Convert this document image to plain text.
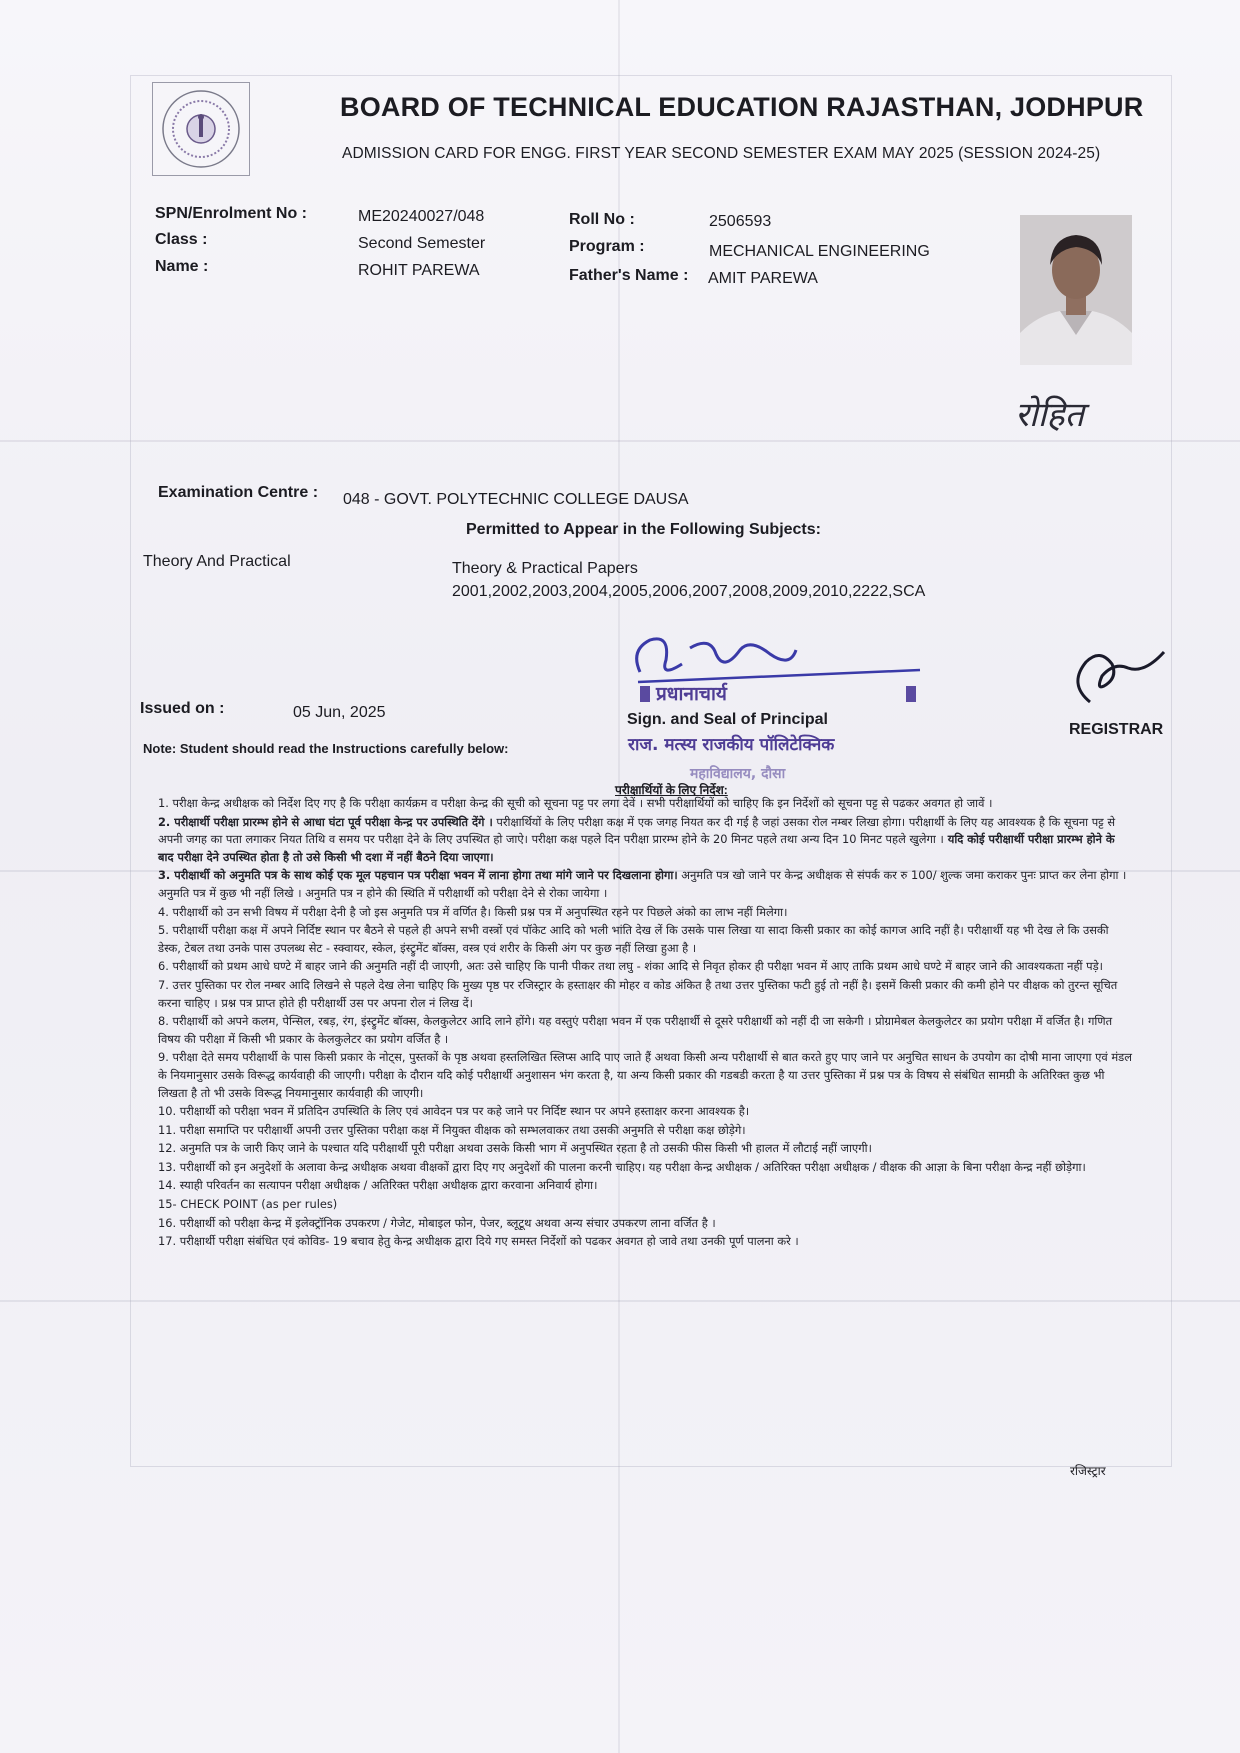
BOARD OF TECHNICAL EDUCATION RAJASTHAN, JODHPUR
ADMISSION CARD FOR ENGG. FIRST YEAR SECOND SEMESTER EXAM MAY 2025 (SESSION 2024-25)
SPN/Enrolment No :	ME20240027/048
Class :	Second Semester
Name :	ROHIT PAREWA
Roll No :	2506593
Program :	MECHANICAL ENGINEERING
Father's Name : AMIT PAREWA
रोहित
Examination Centre : 048 - GOVT. POLYTECHNIC COLLEGE DAUSA
Permitted to Appear in the Following Subjects:
Theory And Practical	Theory & Practical Papers
2001,2002,2003,2004,2005,2006,2007,2008,2009,2010,2222,SCA
Issued on :	05 Jun, 2025
प्रधानाचार्य
राज. मत्स्य राजकीय पॉलिटेक्निक
महाविद्यालय, दौसा
Sign. and Seal of Principal
REGISTRAR
Note: Student should read the Instructions carefully below:
परीक्षार्थियों के लिए निर्देश:

1. परीक्षा केन्द्र अधीक्षक को निर्देश दिए गए है कि परीक्षा कार्यक्रम व परीक्षा केन्द्र की सूची को सूचना पट्ट पर लगा देवें । सभी परीक्षार्थियों को चाहिए कि इन निर्देशों को सूचना पट्ट से पढकर अवगत हो जावें ।

2. परीक्षार्थी परीक्षा प्रारम्भ होने से आधा घंटा पूर्व परीक्षा केन्द्र पर उपस्थिति देंगे । परीक्षार्थियों के लिए परीक्षा कक्ष में एक जगह नियत कर दी गई है जहां उसका रोल नम्बर लिखा होगा। परीक्षार्थी के लिए यह आवश्यक है कि सूचना पट्ट से अपनी जगह का पता लगाकर नियत तिथि व समय पर परीक्षा देने के लिए उपस्थित हो जाऐ। परीक्षा कक्ष पहले दिन परीक्षा प्रारम्भ होने के 20 मिनट पहले तथा अन्य दिन 10 मिनट पहले खुलेगा । यदि कोई परीक्षार्थी परीक्षा प्रारम्भ होने के बाद परीक्षा देने उपस्थित होता है तो उसे किसी भी दशा में नहीं बैठने दिया जाएगा।

3. परीक्षार्थी को अनुमति पत्र के साथ कोई एक मूल पहचान पत्र परीक्षा भवन में लाना होगा तथा मांगे जाने पर दिखलाना होगा। अनुमति पत्र खो जाने पर केन्द्र अधीक्षक से संपर्क कर रु 100/ शुल्क जमा कराकर पुनः प्राप्त कर लेना होगा । अनुमति पत्र में कुछ भी नहीं लिखे । अनुमति पत्र न होने की स्थिति में परीक्षार्थी को परीक्षा देने से रोका जायेगा ।

4. परीक्षार्थी को उन सभी विषय में परीक्षा देनी है जो इस अनुमति पत्र में वर्णित है। किसी प्रश्न पत्र में अनुपस्थित रहने पर पिछले अंको का लाभ नहीं मिलेगा।

5. परीक्षार्थी परीक्षा कक्ष में अपने निर्दिष्ट स्थान पर बैठने से पहले ही अपने सभी वस्त्रों एवं पॉकेट आदि को भली भांति देख लें कि उसके पास लिखा या सादा किसी प्रकार का कोई कागज आदि नहीं है। परीक्षार्थी यह भी देख ले कि उसकी डेस्क, टेबल तथा उनके पास उपलब्ध सेट - स्क्वायर, स्केल, इंस्ट्रुमेंट बॉक्स, वस्त्र एवं शरीर के किसी अंग पर कुछ नहीं लिखा हुआ है ।

6. परीक्षार्थी को प्रथम आधे घण्टे में बाहर जाने की अनुमति नहीं दी जाएगी, अतः उसे चाहिए कि पानी पीकर तथा लघु - शंका आदि से निवृत होकर ही परीक्षा भवन में आए ताकि प्रथम आधे घण्टे में बाहर जाने की आवश्यकता नहीं पड़े।

7. उत्तर पुस्तिका पर रोल नम्बर आदि लिखने से पहले देख लेना चाहिए कि मुख्य पृष्ठ पर रजिस्ट्रार के हस्ताक्षर की मोहर व कोड अंकित है तथा उत्तर पुस्तिका फटी हुई तो नहीं है। इसमें किसी प्रकार की कमी होने पर वीक्षक को तुरन्त सूचित करना चाहिए । प्रश्न पत्र प्राप्त होते ही परीक्षार्थी उस पर अपना रोल नं लिख दें।

8. परीक्षार्थी को अपने कलम, पेन्सिल, रबड़, रंग, इंस्ट्रुमेंट बॉक्स, केलकुलेटर आदि लाने होंगे। यह वस्तुएं परीक्षा भवन में एक परीक्षार्थी से दूसरे परीक्षार्थी को नहीं दी जा सकेगी । प्रोग्रामेबल केलकुलेटर का प्रयोग परीक्षा में वर्जित है। गणित विषय की परीक्षा में किसी भी प्रकार के केलकुलेटर का प्रयोग वर्जित है ।

9. परीक्षा देते समय परीक्षार्थी के पास किसी प्रकार के नोट्स, पुस्तकों के पृष्ठ अथवा हस्तलिखित स्लिप्स आदि पाए जाते हैं अथवा किसी अन्य परीक्षार्थी से बात करते हुए पाए जाने पर अनुचित साधन के उपयोग का दोषी माना जाएगा एवं मंडल के नियमानुसार उसके विरूद्ध कार्यवाही की जाएगी। परीक्षा के दौरान यदि कोई परीक्षार्थी अनुशासन भंग करता है, या अन्य किसी प्रकार की गडबडी करता है या उत्तर पुस्तिका में प्रश्न पत्र के विषय से संबंधित सामग्री के अतिरिक्त कुछ भी लिखता है तो भी उसके विरूद्ध नियमानुसार कार्यवाही की जाएगी।

10. परीक्षार्थी को परीक्षा भवन में प्रतिदिन उपस्थिति के लिए एवं आवेदन पत्र पर कहे जाने पर निर्दिष्ट स्थान पर अपने हस्ताक्षर करना आवश्यक है।

11. परीक्षा समाप्ति पर परीक्षार्थी अपनी उत्तर पुस्तिका परीक्षा कक्ष में नियुक्त वीक्षक को सम्भलवाकर तथा उसकी अनुमति से परीक्षा कक्ष छोड़ेगे।

12. अनुमति पत्र के जारी किए जाने के पश्चात यदि परीक्षार्थी पूरी परीक्षा अथवा उसके किसी भाग में अनुपस्थित रहता है तो उसकी फीस किसी भी हालत में लौटाई नहीं जाएगी।

13. परीक्षार्थी को इन अनुदेशों के अलावा केन्द्र अधीक्षक अथवा वीक्षकों द्वारा दिए गए अनुदेशों की पालना करनी चाहिए। यह परीक्षा केन्द्र अधीक्षक / अतिरिक्त परीक्षा अधीक्षक / वीक्षक की आज्ञा के बिना परीक्षा केन्द्र नहीं छोड़ेगा।

14. स्याही परिवर्तन का सत्यापन परीक्षा अधीक्षक / अतिरिक्त परीक्षा अधीक्षक द्वारा करवाना अनिवार्य होगा।

15- CHECK POINT (as per rules)

16. परीक्षार्थी को परीक्षा केन्द्र में इलेक्ट्रॉनिक उपकरण / गेजेट, मोबाइल फोन, पेजर, ब्लूटूथ अथवा अन्य संचार उपकरण लाना वर्जित है ।

17. परीक्षार्थी परीक्षा संबंधित एवं कोविड- 19 बचाव हेतु केन्द्र अधीक्षक द्वारा दिये गए समस्त निर्देशों को पढकर अवगत हो जावे तथा उनकी पूर्ण पालना करे ।

रजिस्ट्रार
